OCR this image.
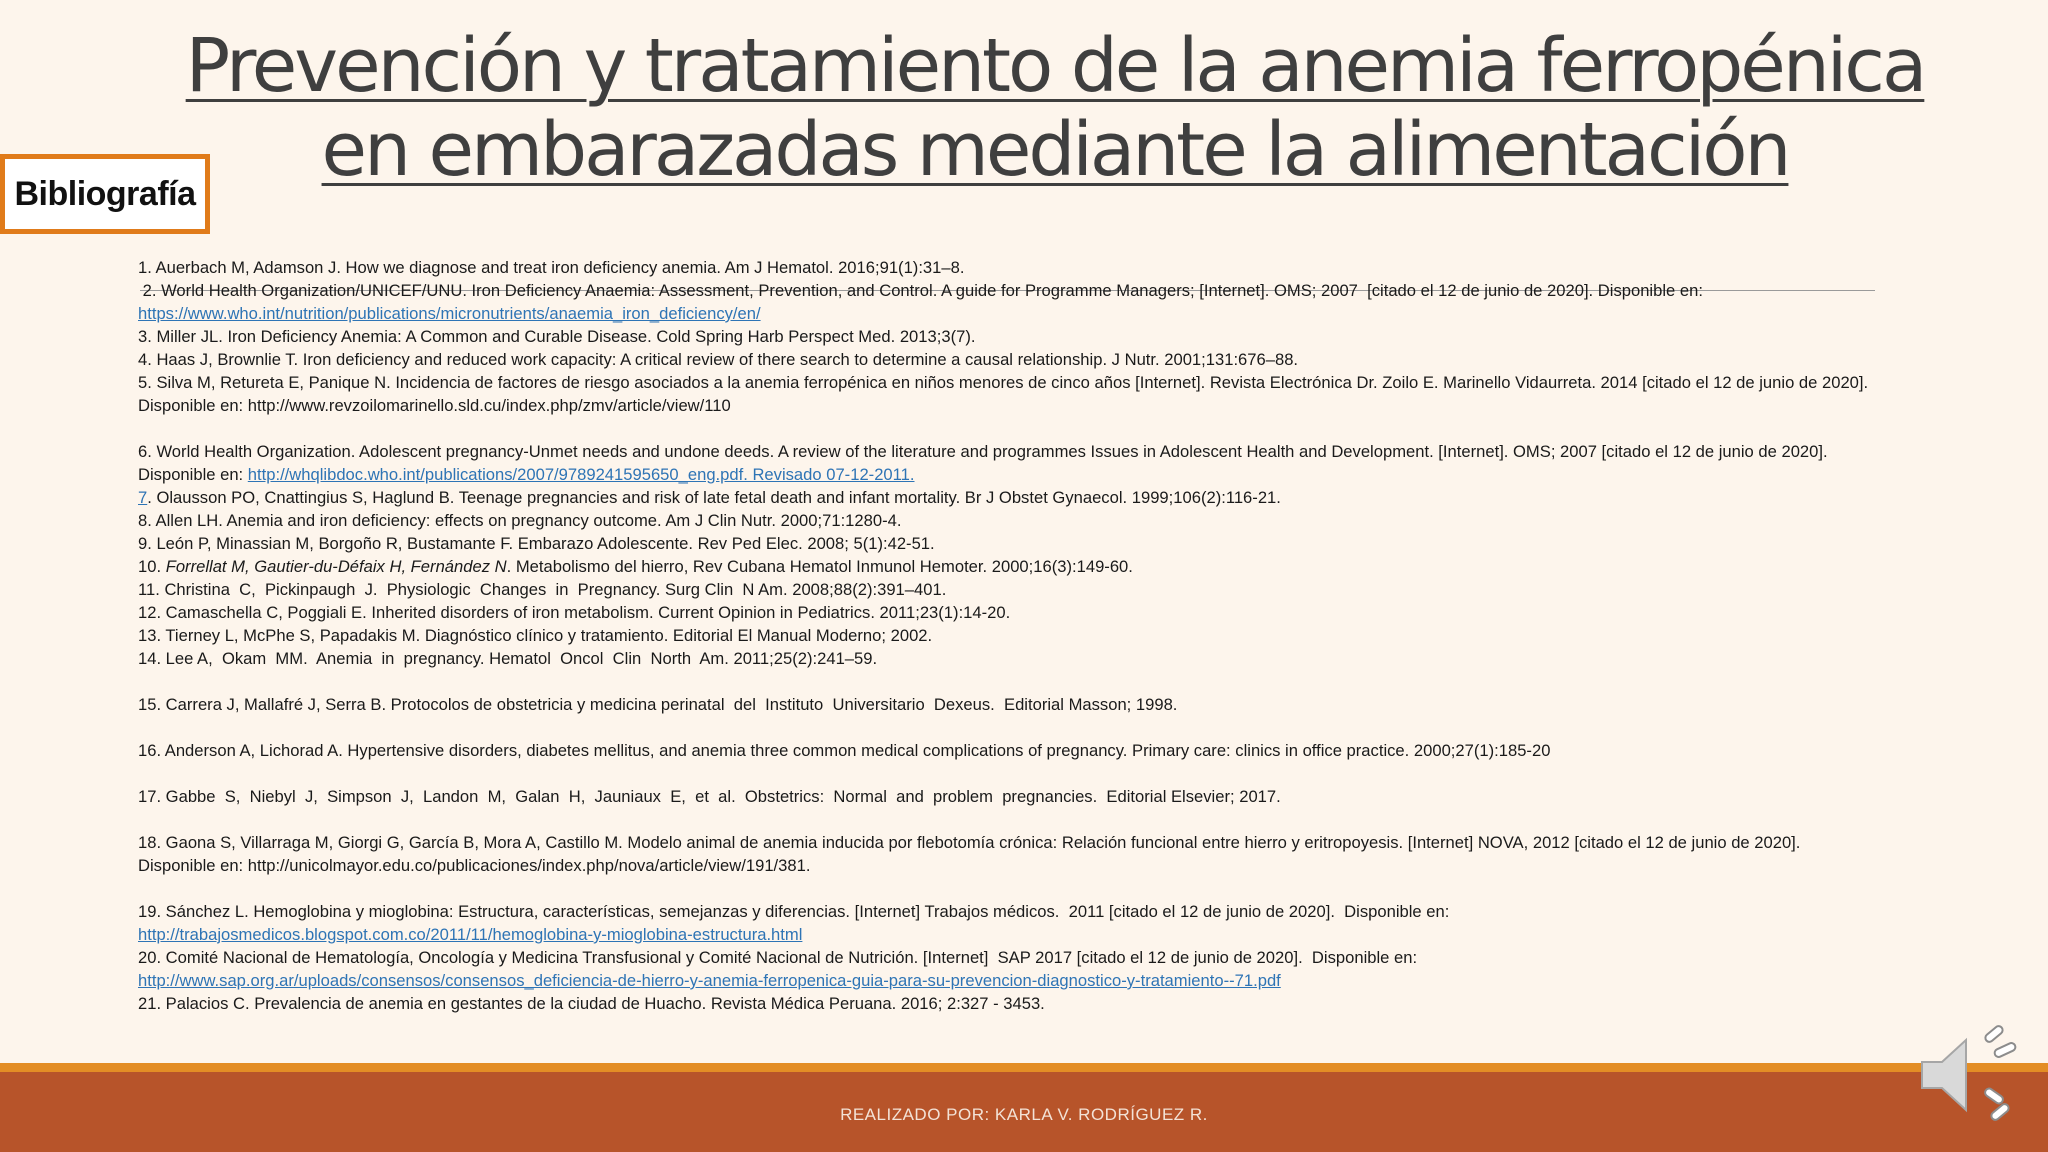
Prevención y tratamiento de la anemia ferropénica
en embarazadas mediante la alimentación
Bibliografía

1. Auerbach M, Adamson J. How we diagnose and treat iron deficiency anemia. Am J Hematol. 2016;91(1):31–8.

2. World Health Organization/UNICEF/UNU. Iron Deficiency Anaemia: Assessment, Prevention, and Control. A guide for Programme Managers; [Internet]. OMS; 2007  [citado el 12 de junio de 2020]. Disponible en:

https://www.who.int/nutrition/publications/micronutrients/anaemia_iron_deficiency/en/

3. Miller JL. Iron Deficiency Anemia: A Common and Curable Disease. Cold Spring Harb Perspect Med. 2013;3(7).

4. Haas J, Brownlie T. Iron deficiency and reduced work capacity: A critical review of there search to determine a causal relationship. J Nutr. 2001;131:676–88.

5. Silva M, Retureta E, Panique N. Incidencia de factores de riesgo asociados a la anemia ferropénica en niños menores de cinco años [Internet]. Revista Electrónica Dr. Zoilo E. Marinello Vidaurreta. 2014 [citado el 12 de junio de 2020]. Disponible en: http://www.revzoilomarinello.sld.cu/index.php/zmv/article/view/110

6. World Health Organization. Adolescent pregnancy-Unmet needs and undone deeds. A review of the literature and programmes Issues in Adolescent Health and Development. [Internet]. OMS; 2007 [citado el 12 de junio de 2020]. Disponible en: http://whqlibdoc.who.int/publications/2007/9789241595650_eng.pdf. Revisado 07-12-2011.

7. Olausson PO, Cnattingius S, Haglund B. Teenage pregnancies and risk of late fetal death and infant mortality. Br J Obstet Gynaecol. 1999;106(2):116-21.

8. Allen LH. Anemia and iron deficiency: effects on pregnancy outcome. Am J Clin Nutr. 2000;71:1280-4.

9. León P, Minassian M, Borgoño R, Bustamante F. Embarazo Adolescente. Rev Ped Elec. 2008; 5(1):42-51.

10. Forrellat M, Gautier-du-Défaix H, Fernández N. Metabolismo del hierro, Rev Cubana Hematol Inmunol Hemoter. 2000;16(3):149-60.

11. Christina  C,  Pickinpaugh  J.  Physiologic  Changes  in  Pregnancy. Surg Clin  N Am. 2008;88(2):391–401.

12. Camaschella C, Poggiali E. Inherited disorders of iron metabolism. Current Opinion in Pediatrics. 2011;23(1):14-20.

13. Tierney L, McPhe S, Papadakis M. Diagnóstico clínico y tratamiento. Editorial El Manual Moderno; 2002.

14. Lee A,  Okam  MM.  Anemia  in  pregnancy. Hematol  Oncol  Clin  North  Am. 2011;25(2):241–59.

15. Carrera J, Mallafré J, Serra B. Protocolos de obstetricia y medicina perinatal  del  Instituto  Universitario  Dexeus.  Editorial Masson; 1998.

16. Anderson A, Lichorad A. Hypertensive disorders, diabetes mellitus, and anemia three common medical complications of pregnancy. Primary care: clinics in office practice. 2000;27(1):185-20

17. Gabbe  S,  Niebyl  J,  Simpson  J,  Landon  M,  Galan  H,  Jauniaux  E,  et  al.  Obstetrics:  Normal  and  problem  pregnancies.  Editorial Elsevier; 2017.

18. Gaona S, Villarraga M, Giorgi G, García B, Mora A, Castillo M. Modelo animal de anemia inducida por flebotomía crónica: Relación funcional entre hierro y eritropoyesis. [Internet] NOVA, 2012 [citado el 12 de junio de 2020]. Disponible en: http://unicolmayor.edu.co/publicaciones/index.php/nova/article/view/191/381.

19. Sánchez L. Hemoglobina y mioglobina: Estructura, características, semejanzas y diferencias. [Internet] Trabajos médicos.  2011 [citado el 12 de junio de 2020].  Disponible en:

http://trabajosmedicos.blogspot.com.co/2011/11/hemoglobina-y-mioglobina-estructura.html

20. Comité Nacional de Hematología, Oncología y Medicina Transfusional y Comité Nacional de Nutrición. [Internet]  SAP 2017 [citado el 12 de junio de 2020].  Disponible en:

http://www.sap.org.ar/uploads/consensos/consensos_deficiencia-de-hierro-y-anemia-ferropenica-guia-para-su-prevencion-diagnostico-y-tratamiento--71.pdf

21. Palacios C. Prevalencia de anemia en gestantes de la ciudad de Huacho. Revista Médica Peruana. 2016; 2:327 - 3453.

REALIZADO POR: KARLA V. RODRÍGUEZ R.
